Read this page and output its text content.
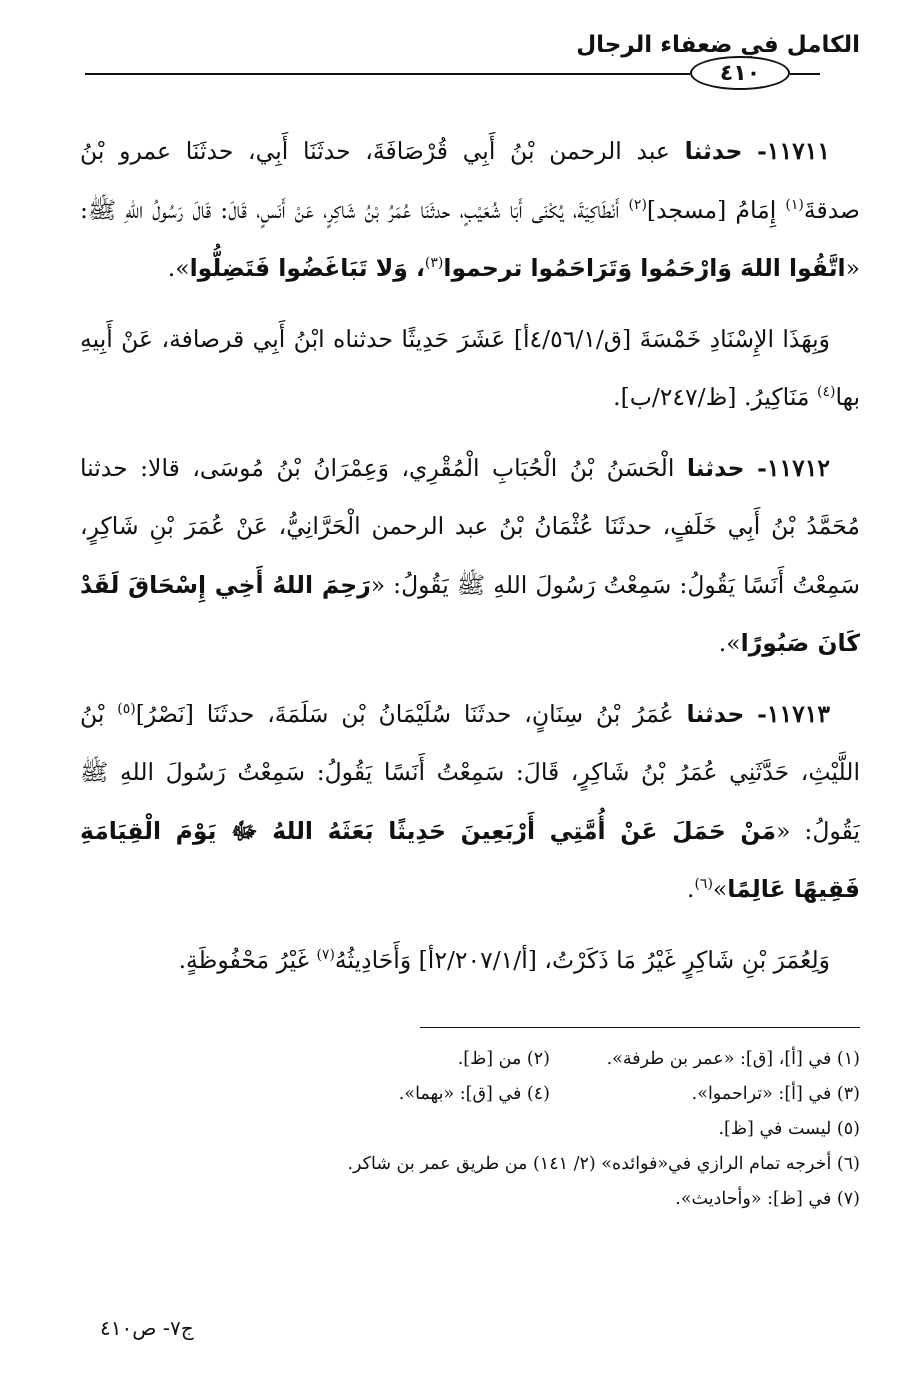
الكامل في ضعفاء الرجال
٤١٠

١١٧١١- حدثنا عبد الرحمن بْنُ أَبِي قُرْصَافَةَ، حدثَنَا أَبِي، حدثَنَا عمرو بْنُ صدقةَ$^{(١)}$ إِمَامُ [مسجد]$^{(٢)}$ أَنْطَاكِيَةَ، يُكْنَى أَبَا شُعَيْبٍ، حدثَنَا عُمَرُ بْنُ شَاكِرٍ، عَنْ أَنَسٍ، قَالَ: قَالَ رَسُولُ اللهِ ﷺ: «اتَّقُوا اللهَ وَارْحَمُوا وَتَرَاحَمُوا ترحموا$^{(٣)}$، وَلا تَبَاغَضُوا فَتَضِلُّوا».

وَبِهَذَا الإِسْنَادِ خَمْسَةَ [ق/٤/٥٦/١أ] عَشَرَ حَدِيثًا حدثناه ابْنُ أَبِي قرصافة، عَنْ أَبِيهِ بها$^{(٤)}$ مَنَاكِيرُ. [ظ/٢٤٧/ب].

١١٧١٢- حدثنا الْحَسَنُ بْنُ الْحُبَابِ الْمُقْرِي، وَعِمْرَانُ بْنُ مُوسَى، قالا: حدثنا مُحَمَّدُ بْنُ أَبِي خَلَفٍ، حدثَنَا عُثْمَانُ بْنُ عبد الرحمن الْحَرَّانِيُّ، عَنْ عُمَرَ بْنِ شَاكِرٍ، سَمِعْتُ أَنَسًا يَقُولُ: سَمِعْتُ رَسُولَ اللهِ ﷺ يَقُولُ: «رَحِمَ اللهُ أَخِي إِسْحَاقَ لَقَدْ كَانَ صَبُورًا».

١١٧١٣- حدثنا عُمَرُ بْنُ سِنَانٍ، حدثَنَا سُلَيْمَانُ بْن سَلَمَةَ، حدثَنَا [نَصْرُ]$^{(٥)}$ بْنُ اللَّيْثِ، حَدَّثَنِي عُمَرُ بْنُ شَاكِرٍ، قَالَ: سَمِعْتُ أَنَسًا يَقُولُ: سَمِعْتُ رَسُولَ اللهِ ﷺ يَقُولُ: «مَنْ حَمَلَ عَنْ أُمَّتِي أَرْبَعِينَ حَدِيثًا بَعَثَهُ اللهُ ﷻ يَوْمَ الْقِيَامَةِ فَقِيهًا عَالِمًا»$^{(٦)}$.

وَلِعُمَرَ بْنِ شَاكِرٍ غَيْرُ مَا ذَكَرْتُ، [أ/٢/٢٠٧/١أ] وَأَحَادِيثُهُ$^{(٧)}$ غَيْرُ مَحْفُوظَةٍ.

(١) في [أ]، [ق]: «عمر بن طرفة».
(٢) من [ظ].
(٣) في [أ]: «تراحموا».
(٤) في [ق]: «بهما».
(٥) ليست في [ظ].
(٦) أخرجه تمام الرازي في«فوائده» (٢/ ١٤١) من طريق عمر بن شاكر.
(٧) في [ظ]: «وأحاديث».
ج٧- ص٤١٠
